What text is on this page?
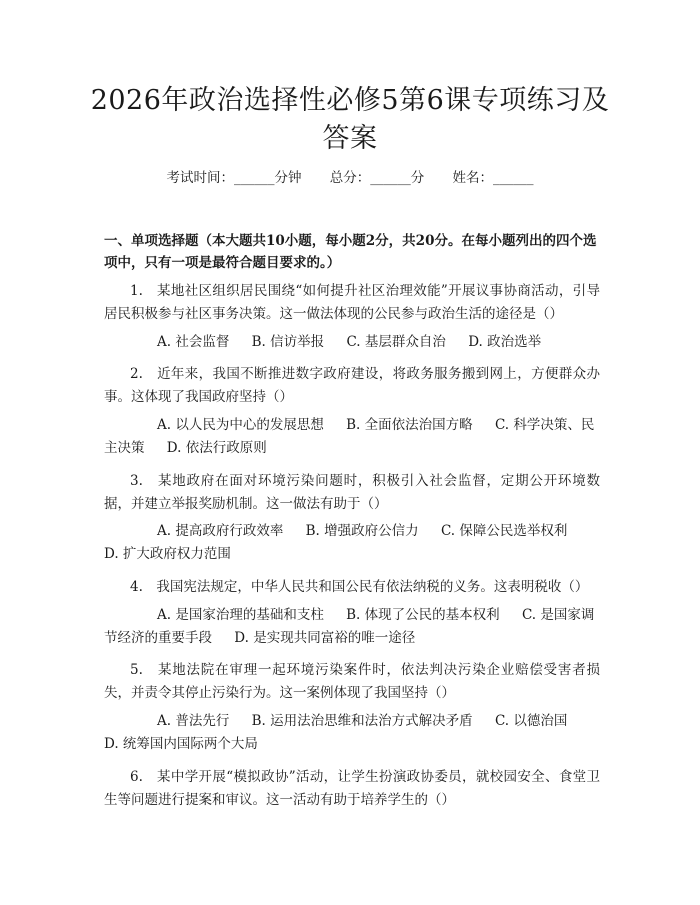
2026年政治选择性必修5第6课专项练习及答案
考试时间：______分钟 总分：______分 姓名：______
一、单项选择题（本大题共10小题，每小题2分，共20分。在每小题列出的四个选项中，只有一项是最符合题目要求的。）
1.　某地社区组织居民围绕“如何提升社区治理效能”开展议事协商活动，引导居民积极参与社区事务决策。这一做法体现的公民参与政治生活的途径是（）
A. 社会监督 B. 信访举报 C. 基层群众自治 D. 政治选举
2.　近年来，我国不断推进数字政府建设，将政务服务搬到网上，方便群众办事。这体现了我国政府坚持（）
A. 以人民为中心的发展思想 B. 全面依法治国方略 C. 科学决策、民主决策 D. 依法行政原则
3.　某地政府在面对环境污染问题时，积极引入社会监督，定期公开环境数据，并建立举报奖励机制。这一做法有助于（）
A. 提高政府行政效率 B. 增强政府公信力 C. 保障公民选举权利 D. 扩大政府权力范围
4.　我国宪法规定，中华人民共和国公民有依法纳税的义务。这表明税收（）
A. 是国家治理的基础和支柱 B. 体现了公民的基本权利 C. 是国家调节经济的重要手段 D. 是实现共同富裕的唯一途径
5.　某地法院在审理一起环境污染案件时，依法判决污染企业赔偿受害者损失，并责令其停止污染行为。这一案例体现了我国坚持（）
A. 普法先行 B. 运用法治思维和法治方式解决矛盾 C. 以德治国 D. 统筹国内国际两个大局
6.　某中学开展“模拟政协”活动，让学生扮演政协委员，就校园安全、食堂卫生等问题进行提案和审议。这一活动有助于培养学生的（）
